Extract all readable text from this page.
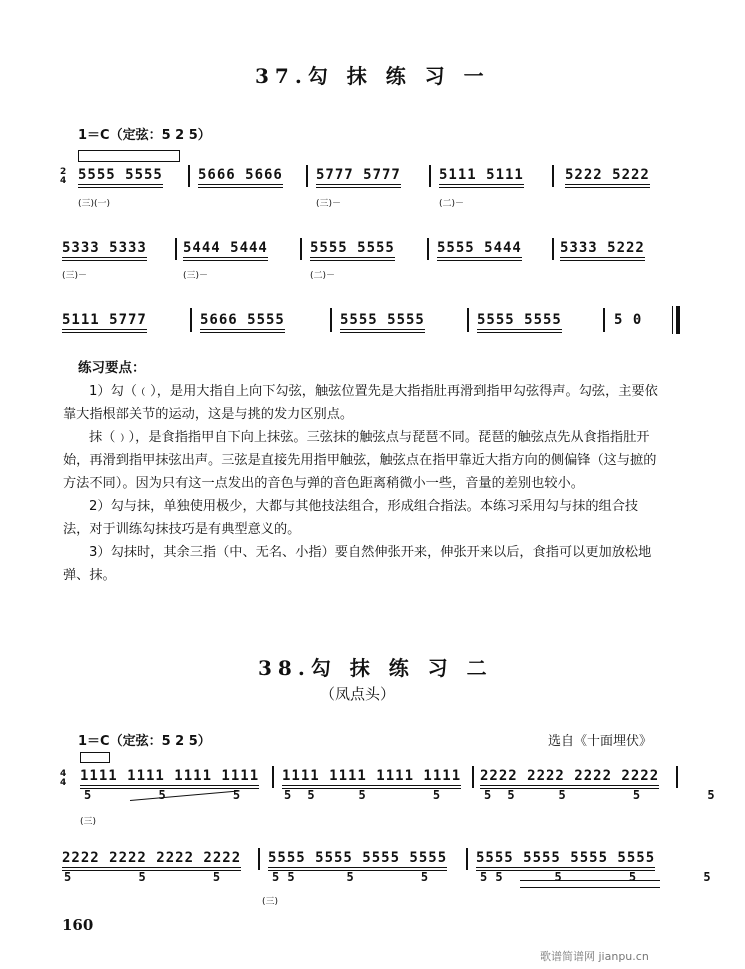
37.勾 抹 练 习 一
1＝C（定弦：5 2 5）
2
4 5555 5555	5666 5666 5777 5777	5111 5111	5222 5222
(三)(一)	(三)－	(二)－
5333 5333	5444 5444	5555 5555	5555 5444	5333 5222
(三)－	(三)－	(二)－
5111 5777	5666 5555	5555 5555	5555 5555	5 0
练习要点：

1）勾（﹙），是用大指自上向下勾弦，触弦位置先是大指指肚再滑到指甲勾弦得声。勾弦，主要依靠大指根部关节的运动，这是与挑的发力区别点。

抹（﹚），是食指指甲自下向上抹弦。三弦抹的触弦点与琵琶不同。琵琶的触弦点先从食指指肚开始，再滑到指甲抹弦出声。三弦是直接先用指甲触弦，触弦点在指甲靠近大指方向的侧偏锋（这与摭的方法不同）。因为只有这一点发出的音色与弹的音色距离稍微小一些，音量的差别也较小。

2）勾与抹，单独使用极少，大都与其他技法组合，形成组合指法。本练习采用勾与抹的组合技法，对于训练勾抹技巧是有典型意义的。

3）勾抹时，其余三指（中、无名、小指）要自然伸张开来，伸张开来以后，食指可以更加放松地弹、抹。

38.勾 抹 练 习 二
（凤点头）
1＝C（定弦：5 2 5）	选自《十面埋伏》
4
4 1111 1111 1111 1111
5 5 5 5
1111 1111 1111 1111
5 5 5 5
2222 2222 2222 2222
5 5 5 5
(三)
2222 2222 2222 2222
5 5 5 5
5555 5555 5555 5555
5 5 5 5
5555 5555 5555 5555
5 5 5 5
(三)
160
歌谱简谱网 jianpu.cn
